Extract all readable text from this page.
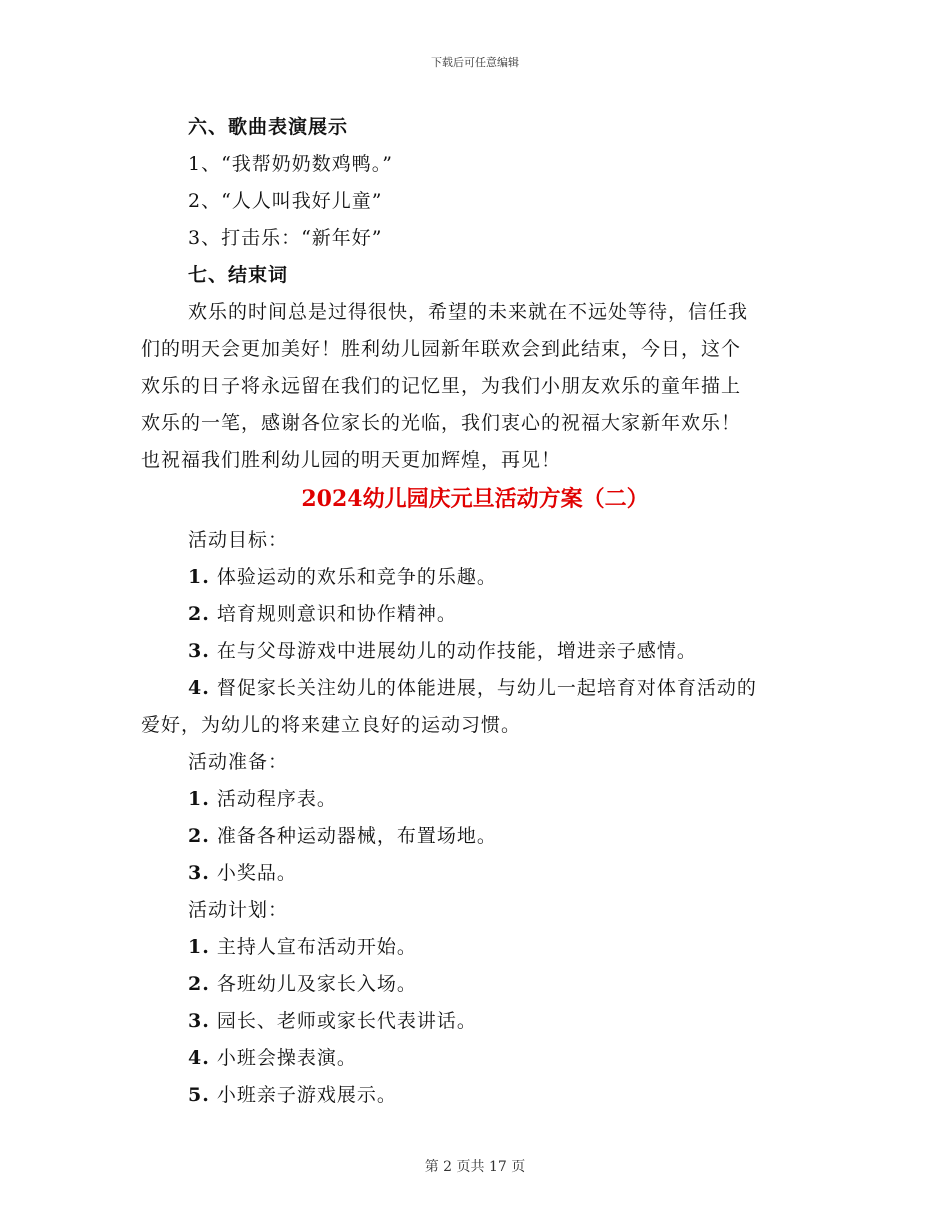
下载后可任意编辑
六、歌曲表演展示
1、“我帮奶奶数鸡鸭。”
2、“人人叫我好儿童”
3、打击乐：“新年好”
七、结束词
欢乐的时间总是过得很快，希望的未来就在不远处等待，信任我
们的明天会更加美好！胜利幼儿园新年联欢会到此结束，今日，这个
欢乐的日子将永远留在我们的记忆里，为我们小朋友欢乐的童年描上
欢乐的一笔，感谢各位家长的光临，我们衷心的祝福大家新年欢乐！
也祝福我们胜利幼儿园的明天更加辉煌，再见！
2024幼儿园庆元旦活动方案（二）
活动目标：
1. 体验运动的欢乐和竞争的乐趣。
2. 培育规则意识和协作精神。
3. 在与父母游戏中进展幼儿的动作技能，增进亲子感情。
4. 督促家长关注幼儿的体能进展，与幼儿一起培育对体育活动的
爱好，为幼儿的将来建立良好的运动习惯。
活动准备：
1. 活动程序表。
2. 准备各种运动器械，布置场地。
3. 小奖品。
活动计划：
1. 主持人宣布活动开始。
2. 各班幼儿及家长入场。
3. 园长、老师或家长代表讲话。
4. 小班会操表演。
5. 小班亲子游戏展示。
第 2 页共 17 页
